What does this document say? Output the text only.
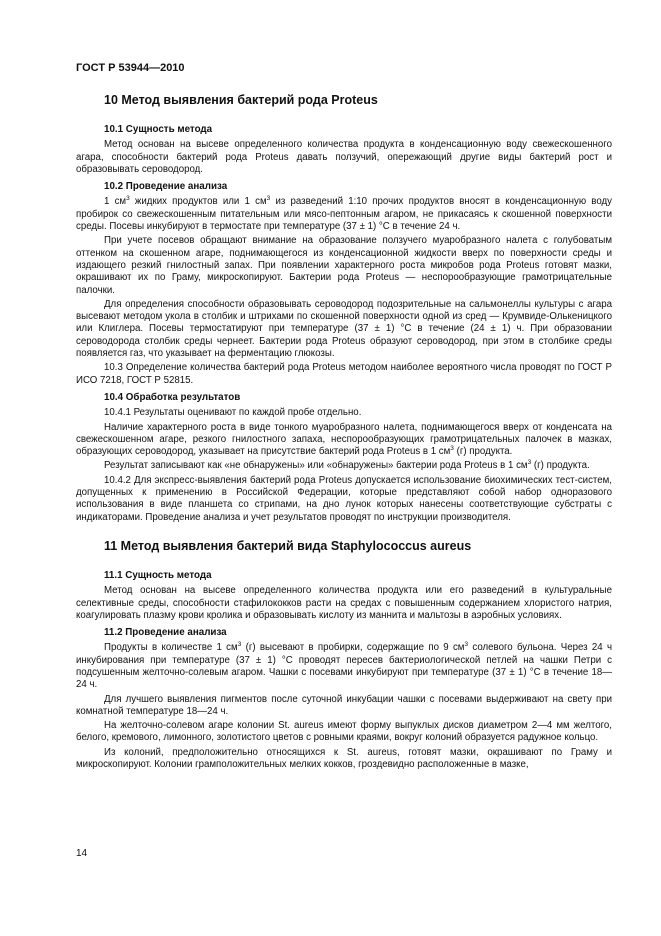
ГОСТ Р 53944—2010
10 Метод выявления бактерий рода Proteus
10.1 Сущность метода

Метод основан на высеве определенного количества продукта в конденсационную воду свежескошенного агара, способности бактерий рода Proteus давать ползучий, опережающий другие виды бактерий рост и образовывать сероводород.

10.2 Проведение анализа

1 $см^3$ жидких продуктов или 1 $см^3$ из разведений 1:10 прочих продуктов вносят в конденсационную воду пробирок со свежескошенным питательным или мясо-пептонным агаром, не прикасаясь к скошенной поверхности среды. Посевы инкубируют в термостате при температуре (37 ± 1) °С в течение 24 ч.

При учете посевов обращают внимание на образование ползучего муаробразного налета с голубоватым оттенком на скошенном агаре, поднимающегося из конденсационной жидкости вверх по поверхности среды и издающего резкий гнилостный запах. При появлении характерного роста микробов рода Proteus готовят мазки, окрашивают их по Граму, микроскопируют. Бактерии рода Proteus — неспорообразующие грамотрицательные палочки.

Для определения способности образовывать сероводород подозрительные на сальмонеллы культуры с агара высевают методом укола в столбик и штрихами по скошенной поверхности одной из сред — Крумвиде-Олькеницкого или Клиглера. Посевы термостатируют при температуре (37 ± 1) °С в течение (24 ± 1) ч. При образовании сероводорода столбик среды чернеет. Бактерии рода Proteus образуют сероводород, при этом в столбике среды появляется газ, что указывает на ферментацию глюкозы.

10.3 Определение количества бактерий рода Proteus методом наиболее вероятного числа проводят по ГОСТ Р ИСО 7218, ГОСТ Р 52815.

10.4 Обработка результатов

10.4.1 Результаты оценивают по каждой пробе отдельно.

Наличие характерного роста в виде тонкого муаробразного налета, поднимающегося вверх от конденсата на свежескошенном агаре, резкого гнилостного запаха, неспорообразующих грамотрицательных палочек в мазках, образующих сероводород, указывает на присутствие бактерий рода Proteus в 1 $см^3$ (г) продукта.

Результат записывают как «не обнаружены» или «обнаружены» бактерии рода Proteus в 1 $см^3$ (г) продукта.

10.4.2 Для экспресс-выявления бактерий рода Proteus допускается использование биохимических тест-систем, допущенных к применению в Российской Федерации, которые представляют собой набор одноразового использования в виде планшета со стрипами, на дно лунок которых нанесены соответствующие субстраты с индикаторами. Проведение анализа и учет результатов проводят по инструкции производителя.

11 Метод выявления бактерий вида Staphylococcus aureus
11.1 Сущность метода

Метод основан на высеве определенного количества продукта или его разведений в культуральные селективные среды, способности стафилококков расти на средах с повышенным содержанием хлористого натрия, коагулировать плазму крови кролика и образовывать кислоту из маннита и мальтозы в аэробных условиях.

11.2 Проведение анализа

Продукты в количестве 1 $см^3$ (г) высевают в пробирки, содержащие по 9 $см^3$ солевого бульона. Через 24 ч инкубирования при температуре (37 ± 1) °С проводят пересев бактериологической петлей на чашки Петри с подсушенным желточно-солевым агаром. Чашки с посевами инкубируют при температуре (37 ± 1) °С в течение 18—24 ч.

Для лучшего выявления пигментов после суточной инкубации чашки с посевами выдерживают на свету при комнатной температуре 18—24 ч.

На желточно-солевом агаре колонии St. aureus имеют форму выпуклых дисков диаметром 2—4 мм желтого, белого, кремового, лимонного, золотистого цветов с ровными краями, вокруг колоний образуется радужное кольцо.

Из колоний, предположительно относящихся к St. aureus, готовят мазки, окрашивают по Граму и микроскопируют. Колонии грамположительных мелких кокков, гроздевидно расположенные в мазке,

14
